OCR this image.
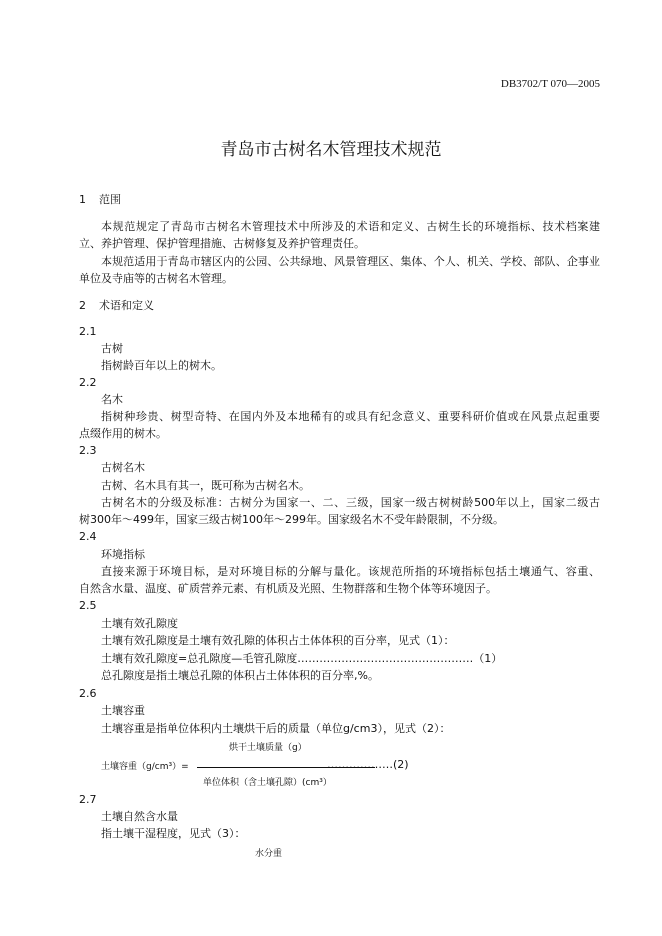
DB3702/T 070—2005
青岛市古树名木管理技术规范
1 范围
本规范规定了青岛市古树名木管理技术中所涉及的术语和定义、古树生长的环境指标、技术档案建
立、养护管理、保护管理措施、古树修复及养护管理责任。
本规范适用于青岛市辖区内的公园、公共绿地、风景管理区、集体、个人、机关、学校、部队、企事业
单位及寺庙等的古树名木管理。
2 术语和定义
2.1
古树
指树龄百年以上的树木。
2.2
名木
指树种珍贵、树型奇特、在国内外及本地稀有的或具有纪念意义、重要科研价值或在风景点起重要
点缀作用的树木。
2.3
古树名木
古树、名木具有其一，既可称为古树名木。
古树名木的分级及标准：古树分为国家一、二、三级，国家一级古树树龄500年以上，国家二级古
树300年～499年，国家三级古树100年～299年。国家级名木不受年龄限制，不分级。
2.4
环境指标
直接来源于环境目标，是对环境目标的分解与量化。该规范所指的环境指标包括土壤通气、容重、
自然含水量、温度、矿质营养元素、有机质及光照、生物群落和生物个体等环境因子。
2.5
土壤有效孔隙度
土壤有效孔隙度是土壤有效孔隙的体积占土体体积的百分率，见式（1）：
土壤有效孔隙度=总孔隙度—毛管孔隙度…………………………………………（1）
总孔隙度是指土壤总孔隙的体积占土体体积的百分率,%。
2.6
土壤容重
土壤容重是指单位体积内土壤烘干后的质量（单位g/cm3），见式（2）：
烘干土壤质量（g）
土壤容重（g/cm³）=	………………(2)
单位体积（含土壤孔隙）(cm³）
2.7
土壤自然含水量
指土壤干湿程度，见式（3）：
水分重
